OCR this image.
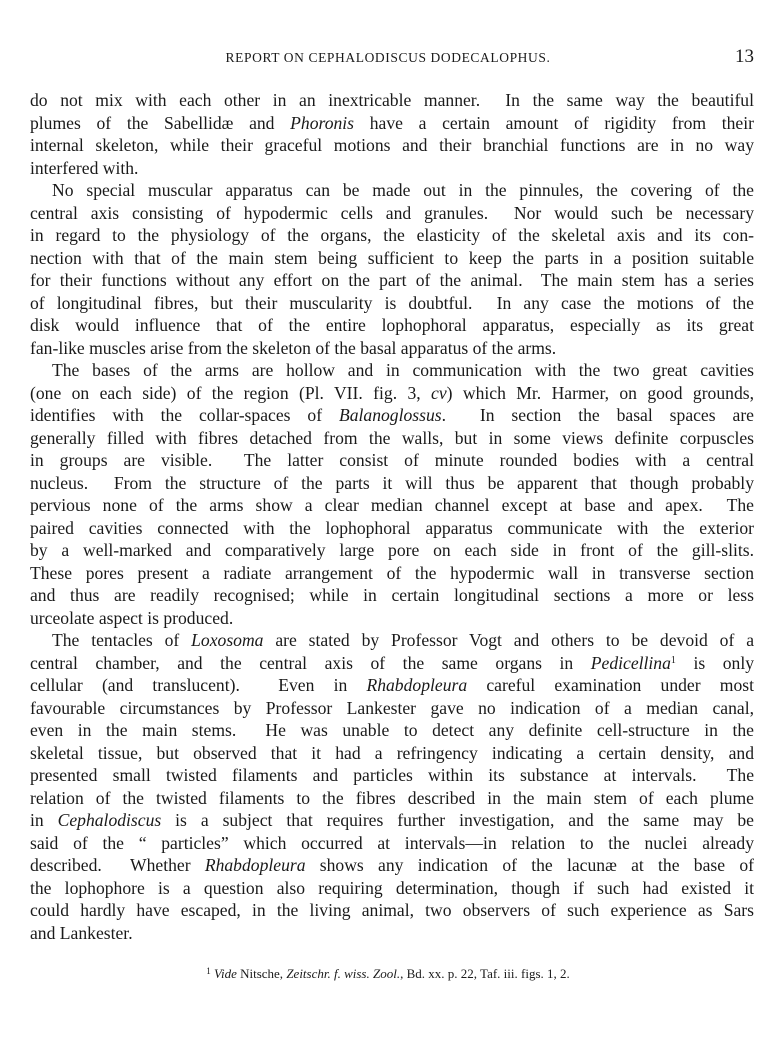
REPORT ON CEPHALODISCUS DODECALOPHUS.	13
do not mix with each other in an inextricable manner.  In the same way the beautiful
plumes of the Sabellidæ and Phoronis have a certain amount of rigidity from their
internal skeleton, while their graceful motions and their branchial functions are in no way
interfered with.
No special muscular apparatus can be made out in the pinnules, the covering of the
central axis consisting of hypodermic cells and granules.  Nor would such be necessary
in regard to the physiology of the organs, the elasticity of the skeletal axis and its con-
nection with that of the main stem being sufficient to keep the parts in a position suitable
for their functions without any effort on the part of the animal.  The main stem has a series
of longitudinal fibres, but their muscularity is doubtful.  In any case the motions of the
disk would influence that of the entire lophophoral apparatus, especially as its great
fan-like muscles arise from the skeleton of the basal apparatus of the arms.
The bases of the arms are hollow and in communication with the two great cavities
(one on each side) of the region (Pl. VII. fig. 3, cv) which Mr. Harmer, on good grounds,
identifies with the collar-spaces of Balanoglossus.  In section the basal spaces are
generally filled with fibres detached from the walls, but in some views definite corpuscles
in groups are visible.  The latter consist of minute rounded bodies with a central
nucleus.  From the structure of the parts it will thus be apparent that though probably
pervious none of the arms show a clear median channel except at base and apex.  The
paired cavities connected with the lophophoral apparatus communicate with the exterior
by a well-marked and comparatively large pore on each side in front of the gill-slits.
These pores present a radiate arrangement of the hypodermic wall in transverse section
and thus are readily recognised; while in certain longitudinal sections a more or less
urceolate aspect is produced.
The tentacles of Loxosoma are stated by Professor Vogt and others to be devoid of a
central chamber, and the central axis of the same organs in Pedicellina$^1$ is only
cellular (and translucent).  Even in Rhabdopleura careful examination under most
favourable circumstances by Professor Lankester gave no indication of a median canal,
even in the main stems.  He was unable to detect any definite cell-structure in the
skeletal tissue, but observed that it had a refringency indicating a certain density, and
presented small twisted filaments and particles within its substance at intervals.  The
relation of the twisted filaments to the fibres described in the main stem of each plume
in Cephalodiscus is a subject that requires further investigation, and the same may be
said of the “ particles” which occurred at intervals—in relation to the nuclei already
described.  Whether Rhabdopleura shows any indication of the lacunæ at the base of
the lophophore is a question also requiring determination, though if such had existed it
could hardly have escaped, in the living animal, two observers of such experience as Sars
and Lankester.
$^1$ Vide Nitsche, Zeitschr. f. wiss. Zool., Bd. xx. p. 22, Taf. iii. figs. 1, 2.
